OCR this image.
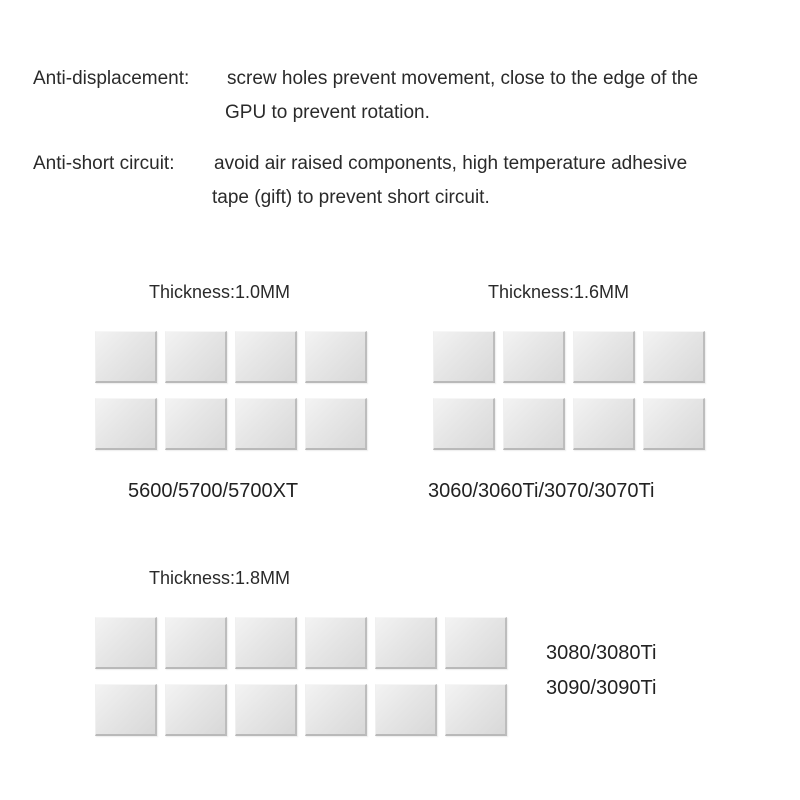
Anti-displacement: screw holes prevent movement, close to the edge of the
GPU to prevent rotation.
Anti-short circuit: avoid air raised components, high temperature adhesive
tape (gift) to prevent short circuit.
Thickness:1.0MM
5600/5700/5700XT
Thickness:1.6MM
3060/3060Ti/3070/3070Ti
Thickness:1.8MM
3080/3080Ti
3090/3090Ti
